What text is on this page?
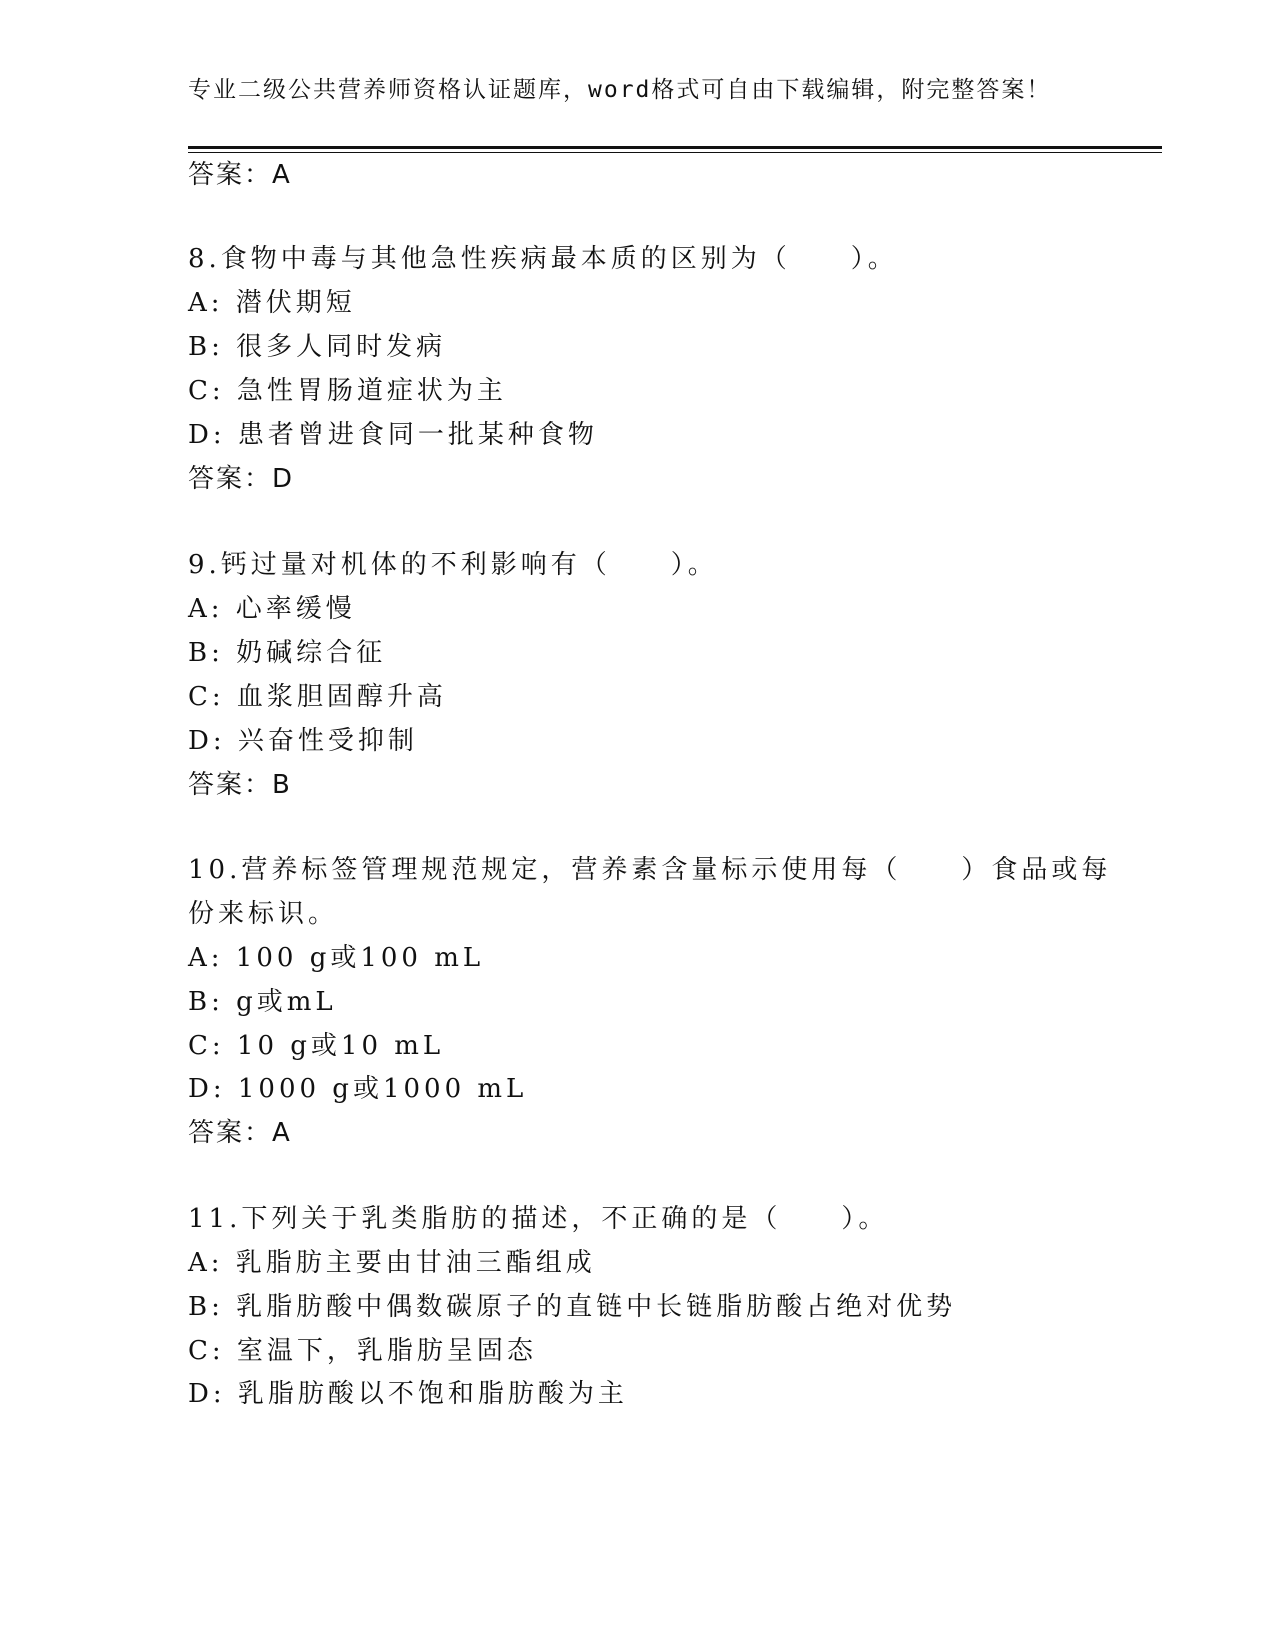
专业二级公共营养师资格认证题库，word格式可自由下载编辑，附完整答案！
答案：A
8.食物中毒与其他急性疾病最本质的区别为（　　）。
A: 潜伏期短
B: 很多人同时发病
C: 急性胃肠道症状为主
D: 患者曾进食同一批某种食物
答案：D
9.钙过量对机体的不利影响有（　　）。
A: 心率缓慢
B: 奶碱综合征
C: 血浆胆固醇升高
D: 兴奋性受抑制
答案：B
10.营养标签管理规范规定，营养素含量标示使用每（　　）食品或每
份来标识。
A: 100 g或100 mL
B: g或mL
C: 10 g或10 mL
D: 1000 g或1000 mL
答案：A
11.下列关于乳类脂肪的描述，不正确的是（　　）。
A: 乳脂肪主要由甘油三酯组成
B: 乳脂肪酸中偶数碳原子的直链中长链脂肪酸占绝对优势
C: 室温下，乳脂肪呈固态
D: 乳脂肪酸以不饱和脂肪酸为主
